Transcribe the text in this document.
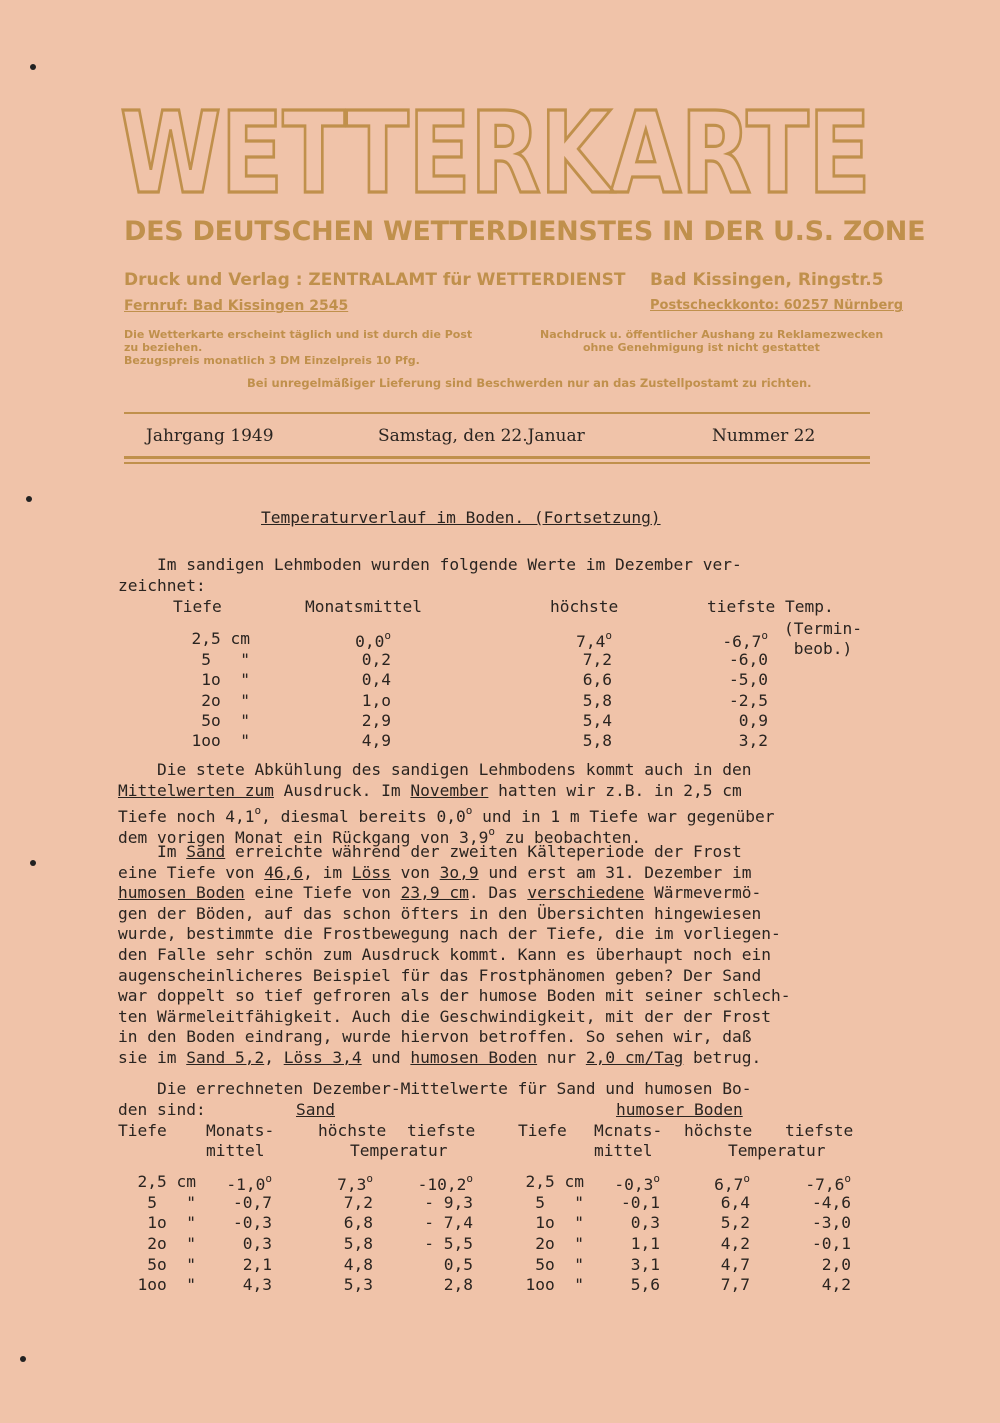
WETTERKARTE
DES DEUTSCHEN WETTERDIENSTES IN DER U.S. ZONE
Druck und Verlag : ZENTRALAMT für WETTERDIENST Bad Kissingen, Ringstr.5
Fernruf: Bad Kissingen 2545	Postscheckkonto: 60257 Nürnberg
Die Wetterkarte erscheint täglich und ist durch die Post
zu beziehen.
Bezugspreis monatlich 3 DM Einzelpreis 10 Pfg.
Nachdruck u. öffentlicher Aushang zu Reklamezwecken
ohne Genehmigung ist nicht gestattet
Bei unregelmäßiger Lieferung sind Beschwerden nur an das Zustellpostamt zu richten.
Jahrgang 1949	Samstag, den 22.Januar	Nummer 22
Temperaturverlauf im Boden. (Fortsetzung)
Im sandigen Lehmboden wurden folgende Werte im Dezember ver-
zeichnet:
Tiefe	Monatsmittel	höchste	tiefste Temp.
(Termin-
beob.)
2,5 cm	0,0$^o$	7,4$^o$	-6,7$^o$
5   "	0,2	7,2	-6,0
1o  "	0,4	6,6	-5,0
2o  "	1,o	5,8	-2,5
5o  "	2,9	5,4	0,9
1oo  "	4,9	5,8	3,2
Die stete Abkühlung des sandigen Lehmbodens kommt auch in den
Mittelwerten zum Ausdruck. Im November hatten wir z.B. in 2,5 cm
Tiefe noch 4,1$^o$, diesmal bereits 0,0$^o$ und in 1 m Tiefe war gegenüber
dem vorigen Monat ein Rückgang von 3,9$^o$ zu beobachten.
Im Sand erreichte während der zweiten Kälteperiode der Frost
eine Tiefe von 46,6, im Löss von 3o,9 und erst am 31. Dezember im
humosen Boden eine Tiefe von 23,9 cm. Das verschiedene Wärmevermö-
gen der Böden, auf das schon öfters in den Übersichten hingewiesen
wurde, bestimmte die Frostbewegung nach der Tiefe, die im vorliegen-
den Falle sehr schön zum Ausdruck kommt. Kann es überhaupt noch ein
augenscheinlicheres Beispiel für das Frostphänomen geben? Der Sand
war doppelt so tief gefroren als der humose Boden mit seiner schlech-
ten Wärmeleitfähigkeit. Auch die Geschwindigkeit, mit der der Frost
in den Boden eindrang, wurde hiervon betroffen. So sehen wir, daß
sie im Sand 5,2, Löss 3,4 und humosen Boden nur 2,0 cm/Tag betrug.
Die errechneten Dezember-Mittelwerte für Sand und humosen Bo-
den sind:	Sand	humoser Boden
Tiefe Monats-
mittel
höchste tiefste
Temperatur
Tiefe Mcnats-
mittel
höchste tiefste
Temperatur
2,5 cm -1,0$^o$	7,3$^o$	-10,2$^o$
5   " -0,7	7,2	- 9,3
1o  " -0,3	6,8	- 7,4
2o  "	0,3	5,8	- 5,5
5o  "	2,1	4,8	0,5
1oo  "	4,3	5,3	2,8
2,5 cm -0,3$^o$	6,7$^o$	-7,6$^o$
5   " -0,1	6,4	-4,6
1o  "	0,3	5,2	-3,0
2o  "	1,1	4,2	-0,1
5o  "	3,1	4,7	2,0
1oo  "	5,6	7,7	4,2
